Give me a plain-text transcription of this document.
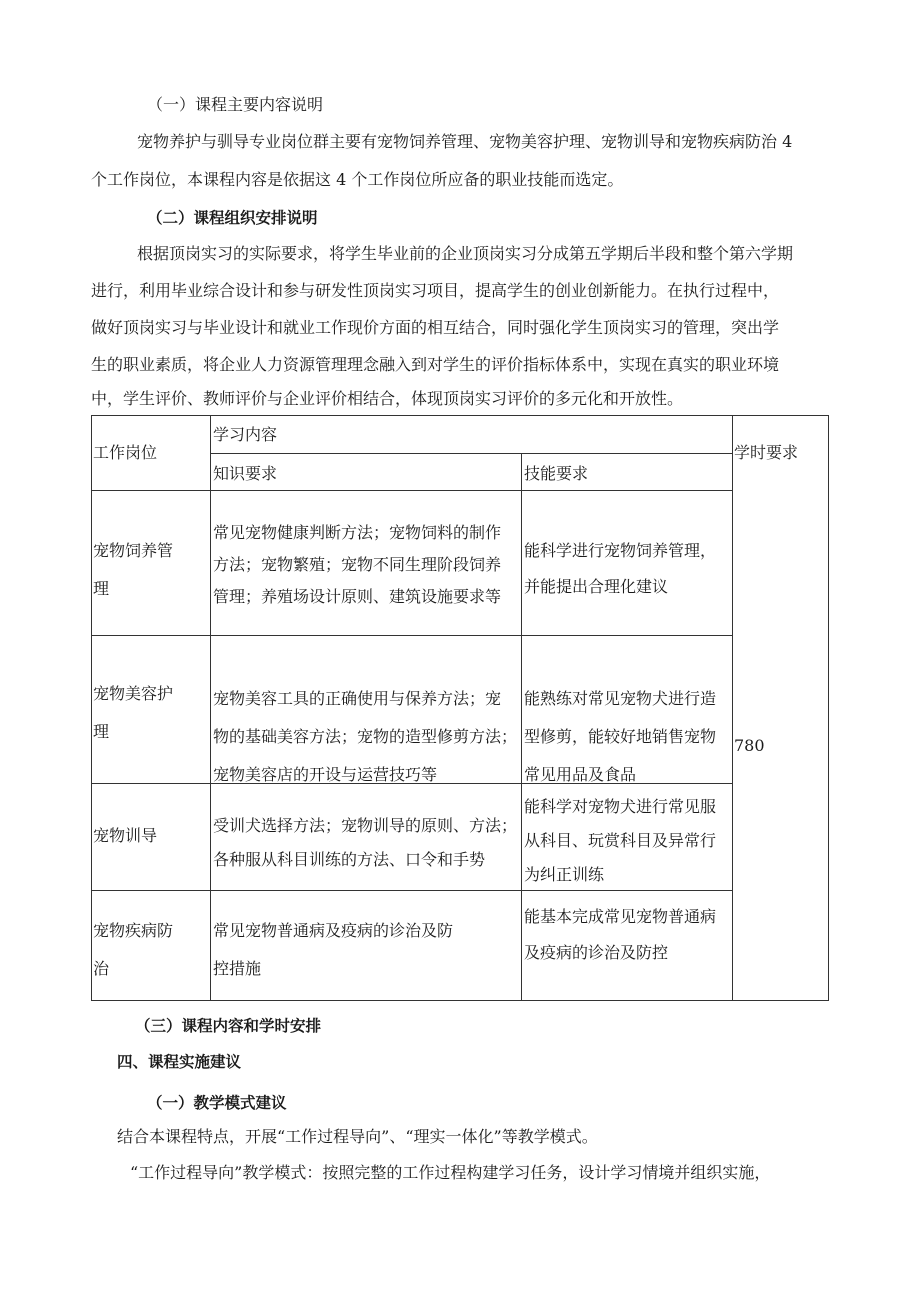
（一）课程主要内容说明
宠物养护与驯导专业岗位群主要有宠物饲养管理、宠物美容护理、宠物训导和宠物疾病防治 4
个工作岗位，本课程内容是依据这 4 个工作岗位所应备的职业技能而选定。
（二）课程组织安排说明
根据顶岗实习的实际要求，将学生毕业前的企业顶岗实习分成第五学期后半段和整个第六学期
进行，利用毕业综合设计和参与研发性顶岗实习项目，提高学生的创业创新能力。在执行过程中，
做好顶岗实习与毕业设计和就业工作现价方面的相互结合，同时强化学生顶岗实习的管理，突出学
生的职业素质，将企业人力资源管理理念融入到对学生的评价指标体系中，实现在真实的职业环境
中，学生评价、教师评价与企业评价相结合，体现顶岗实习评价的多元化和开放性。
工作岗位
学习内容
知识要求	技能要求
学时要求
780
宠物饲养管
理
常见宠物健康判断方法；宠物饲料的制作
方法；宠物繁殖；宠物不同生理阶段饲养
管理；养殖场设计原则、建筑设施要求等
能科学进行宠物饲养管理，
并能提出合理化建议
宠物美容护
理
宠物美容工具的正确使用与保养方法；宠
物的基础美容方法；宠物的造型修剪方法；
宠物美容店的开设与运营技巧等
能熟练对常见宠物犬进行造
型修剪，能较好地销售宠物
常见用品及食品
宠物训导
受训犬选择方法；宠物训导的原则、方法；
各种服从科目训练的方法、口令和手势
能科学对宠物犬进行常见服
从科目、玩赏科目及异常行
为纠正训练
宠物疾病防
治
常见宠物普通病及疫病的诊治及防
控措施
能基本完成常见宠物普通病
及疫病的诊治及防控
（三）课程内容和学时安排
四、课程实施建议
（一）教学模式建议
结合本课程特点，开展“工作过程导向”、“理实一体化”等教学模式。
“工作过程导向”教学模式：按照完整的工作过程构建学习任务，设计学习情境并组织实施，
